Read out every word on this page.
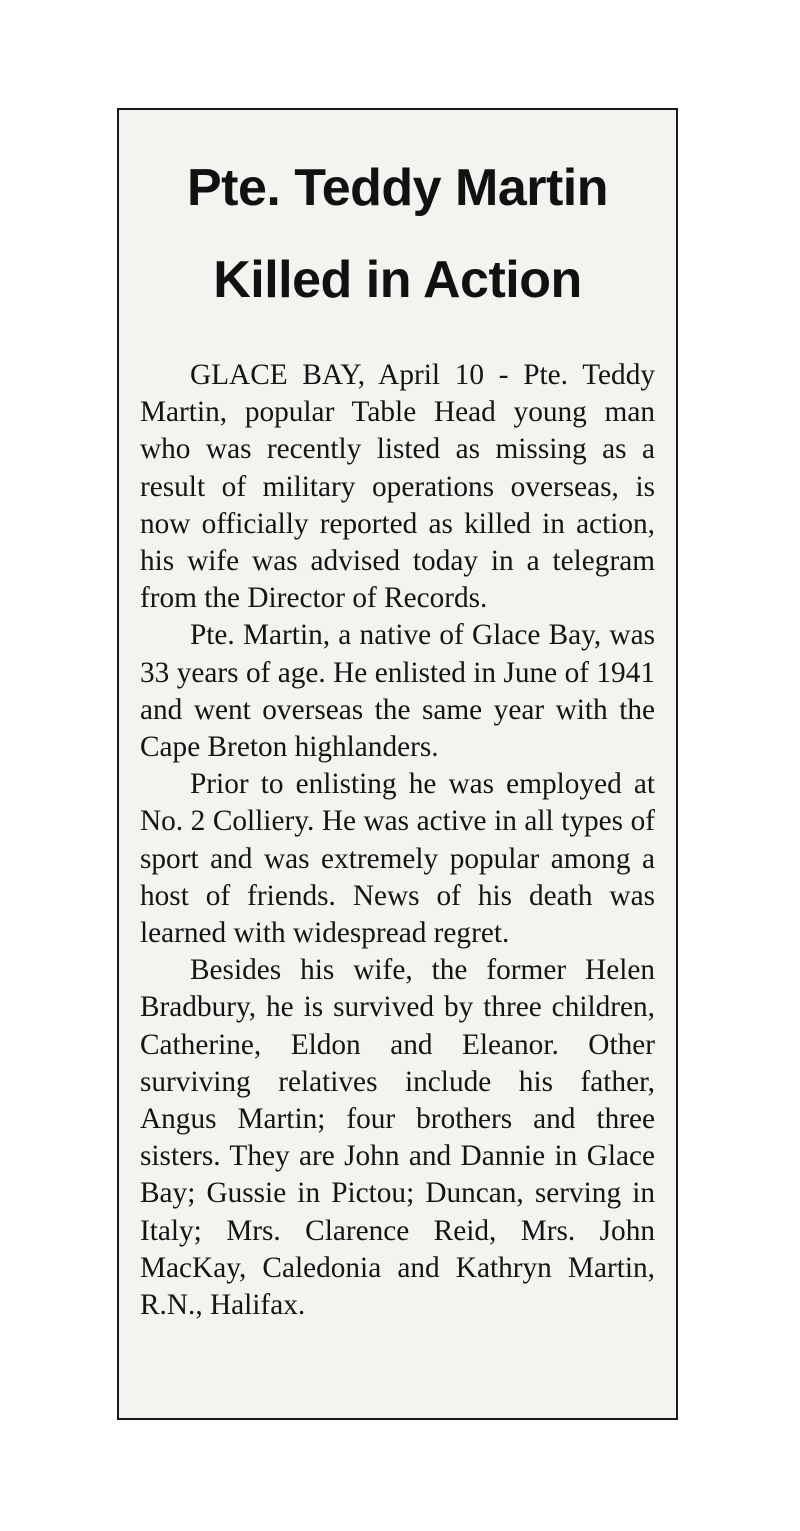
Pte. Teddy Martin
Killed in Action

GLACE BAY, April 10 - Pte. Teddy Martin, popular Table Head young man who was recently listed as missing as a result of military operations overseas, is now officially reported as killed in action, his wife was advised today in a telegram from the Director of Records.

Pte. Martin, a native of Glace Bay, was 33 years of age. He enlisted in June of 1941 and went overseas the same year with the Cape Breton highlanders.

Prior to enlisting he was employed at No. 2 Colliery. He was active in all types of sport and was extremely popular among a host of friends. News of his death was learned with widespread regret.

Besides his wife, the former Helen Bradbury, he is survived by three children, Catherine, Eldon and Eleanor. Other surviving relatives include his father, Angus Martin; four brothers and three sisters. They are John and Dannie in Glace Bay; Gussie in Pictou; Duncan, serving in Italy; Mrs. Clarence Reid, Mrs. John MacKay, Caledonia and Kathryn Martin, R.N., Halifax.
